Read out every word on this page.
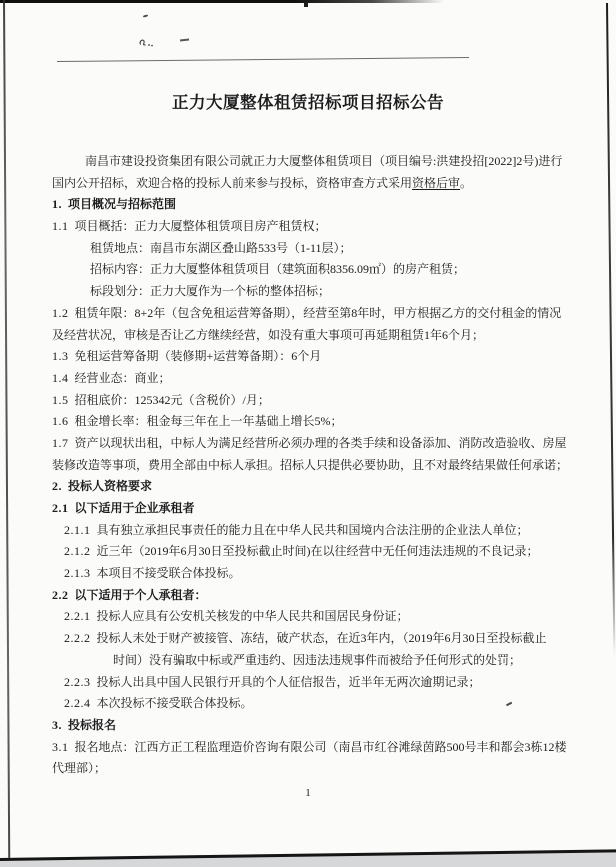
正力大厦整体租赁招标项目招标公告

南昌市建设投资集团有限公司就正力大厦整体租赁项目（项目编号:洪建投招[2022]2号)进行

国内公开招标，欢迎合格的投标人前来参与投标，资格审查方式采用资格后审。

1. 项目概况与招标范围

1.1 项目概括：正力大厦整体租赁项目房产租赁权；

租赁地点：南昌市东湖区叠山路533号（1-11层）；

招标内容：正力大厦整体租赁项目（建筑面积8356.09㎡）的房产租赁；

标段划分：正力大厦作为一个标的整体招标；

1.2 租赁年限：8+2年（包含免租运营筹备期），经营至第8年时，甲方根据乙方的交付租金的情况

及经营状况，审核是否让乙方继续经营，如没有重大事项可再延期租赁1年6个月；

1.3 免租运营筹备期（装修期+运营筹备期）：6个月

1.4 经营业态：商业；

1.5 招租底价：125342元（含税价）/月；

1.6 租金增长率：租金每三年在上一年基础上增长5%；

1.7 资产以现状出租，中标人为满足经营所必须办理的各类手续和设备添加、消防改造验收、房屋

装修改造等事项，费用全部由中标人承担。招标人只提供必要协助，且不对最终结果做任何承诺；

2. 投标人资格要求

2.1 以下适用于企业承租者

2.1.1 具有独立承担民事责任的能力且在中华人民共和国境内合法注册的企业法人单位；

2.1.2 近三年（2019年6月30日至投标截止时间)在以往经营中无任何违法违规的不良记录；

2.1.3 本项目不接受联合体投标。

2.2 以下适用于个人承租者：

2.2.1 投标人应具有公安机关核发的中华人民共和国居民身份证；

2.2.2 投标人未处于财产被接管、冻结，破产状态，在近3年内，（2019年6月30日至投标截止

时间）没有骗取中标或严重违约、因违法违规事件而被给予任何形式的处罚；

2.2.3 投标人出具中国人民银行开具的个人征信报告，近半年无两次逾期记录；

2.2.4 本次投标不接受联合体投标。

3. 投标报名

3.1 报名地点：江西方正工程监理造价咨询有限公司（南昌市红谷滩绿茵路500号丰和都会3栋12楼

代理部）；

1
